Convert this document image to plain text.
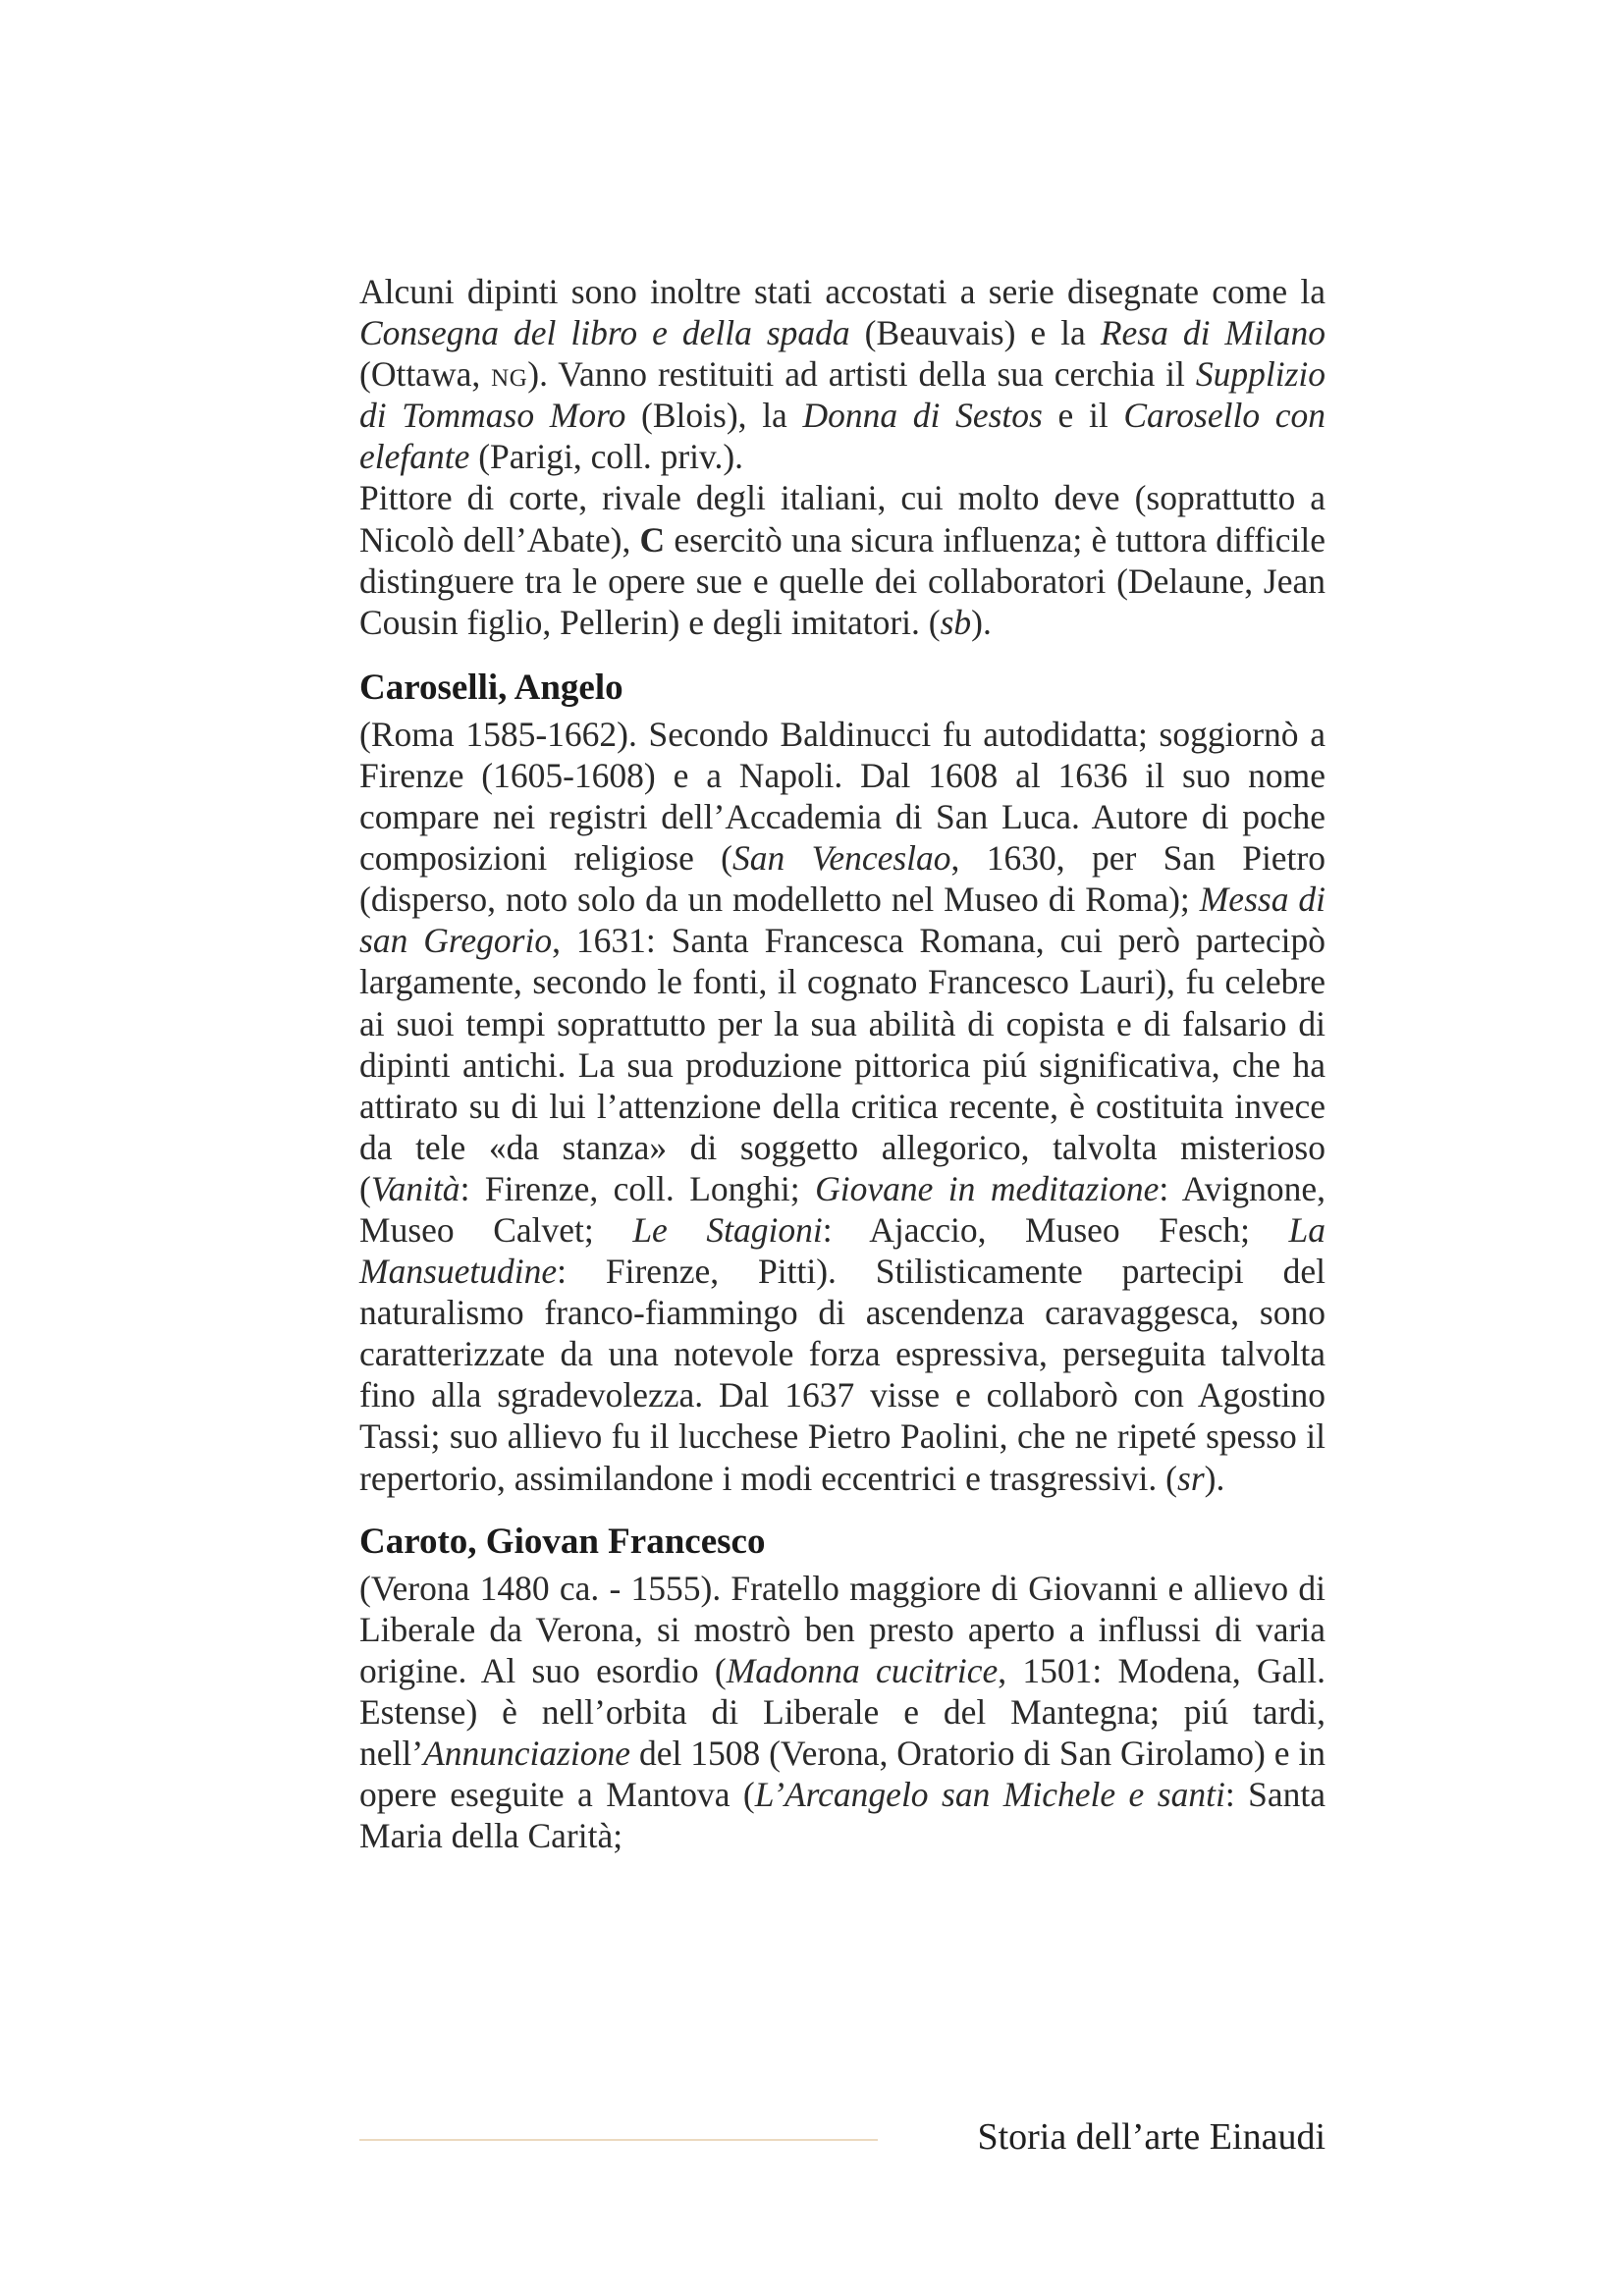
Alcuni dipinti sono inoltre stati accostati a serie disegnate come la Consegna del libro e della spada (Beauvais) e la Resa di Milano (Ottawa, ng). Vanno restituiti ad artisti della sua cerchia il Supplizio di Tommaso Moro (Blois), la Donna di Sestos e il Carosello con elefante (Parigi, coll. priv.).

Pittore di corte, rivale degli italiani, cui molto deve (soprattutto a Nicolò dell’Abate), C esercitò una sicura influenza; è tuttora difficile distinguere tra le opere sue e quelle dei collaboratori (Delaune, Jean Cousin figlio, Pellerin) e degli imitatori. (sb).

Caroselli, Angelo

(Roma 1585-1662). Secondo Baldinucci fu autodidatta; soggiornò a Firenze (1605-1608) e a Napoli. Dal 1608 al 1636 il suo nome compare nei registri dell’Accademia di San Luca. Autore di poche composizioni religiose (San Venceslao, 1630, per San Pietro (disperso, noto solo da un modelletto nel Museo di Roma); Messa di san Gregorio, 1631: Santa Francesca Romana, cui però partecipò largamente, secondo le fonti, il cognato Francesco Lauri), fu celebre ai suoi tempi soprattutto per la sua abilità di copista e di falsario di dipinti antichi. La sua produzione pittorica piú significativa, che ha attirato su di lui l’attenzione della critica recente, è costituita invece da tele «da stanza» di soggetto allegorico, talvolta misterioso (Vanità: Firenze, coll. Longhi; Giovane in meditazione: Avignone, Museo Calvet; Le Stagioni: Ajaccio, Museo Fesch; La Mansuetudine: Firenze, Pitti). Stilisticamente partecipi del naturalismo franco-fiammingo di ascendenza caravaggesca, sono caratterizzate da una notevole forza espressiva, perseguita talvolta fino alla sgradevolezza. Dal 1637 visse e collaborò con Agostino Tassi; suo allievo fu il lucchese Pietro Paolini, che ne ripeté spesso il repertorio, assimilandone i modi eccentrici e trasgressivi. (sr).

Caroto, Giovan Francesco

(Verona 1480 ca. - 1555). Fratello maggiore di Giovanni e allievo di Liberale da Verona, si mostrò ben presto aperto a influssi di varia origine. Al suo esordio (Madonna cucitrice, 1501: Modena, Gall. Estense) è nell’orbita di Liberale e del Mantegna; piú tardi, nell’Annunciazione del 1508 (Verona, Oratorio di San Girolamo) e in opere eseguite a Mantova (L’Arcangelo san Michele e santi: Santa Maria della Carità;

Storia dell’arte Einaudi
